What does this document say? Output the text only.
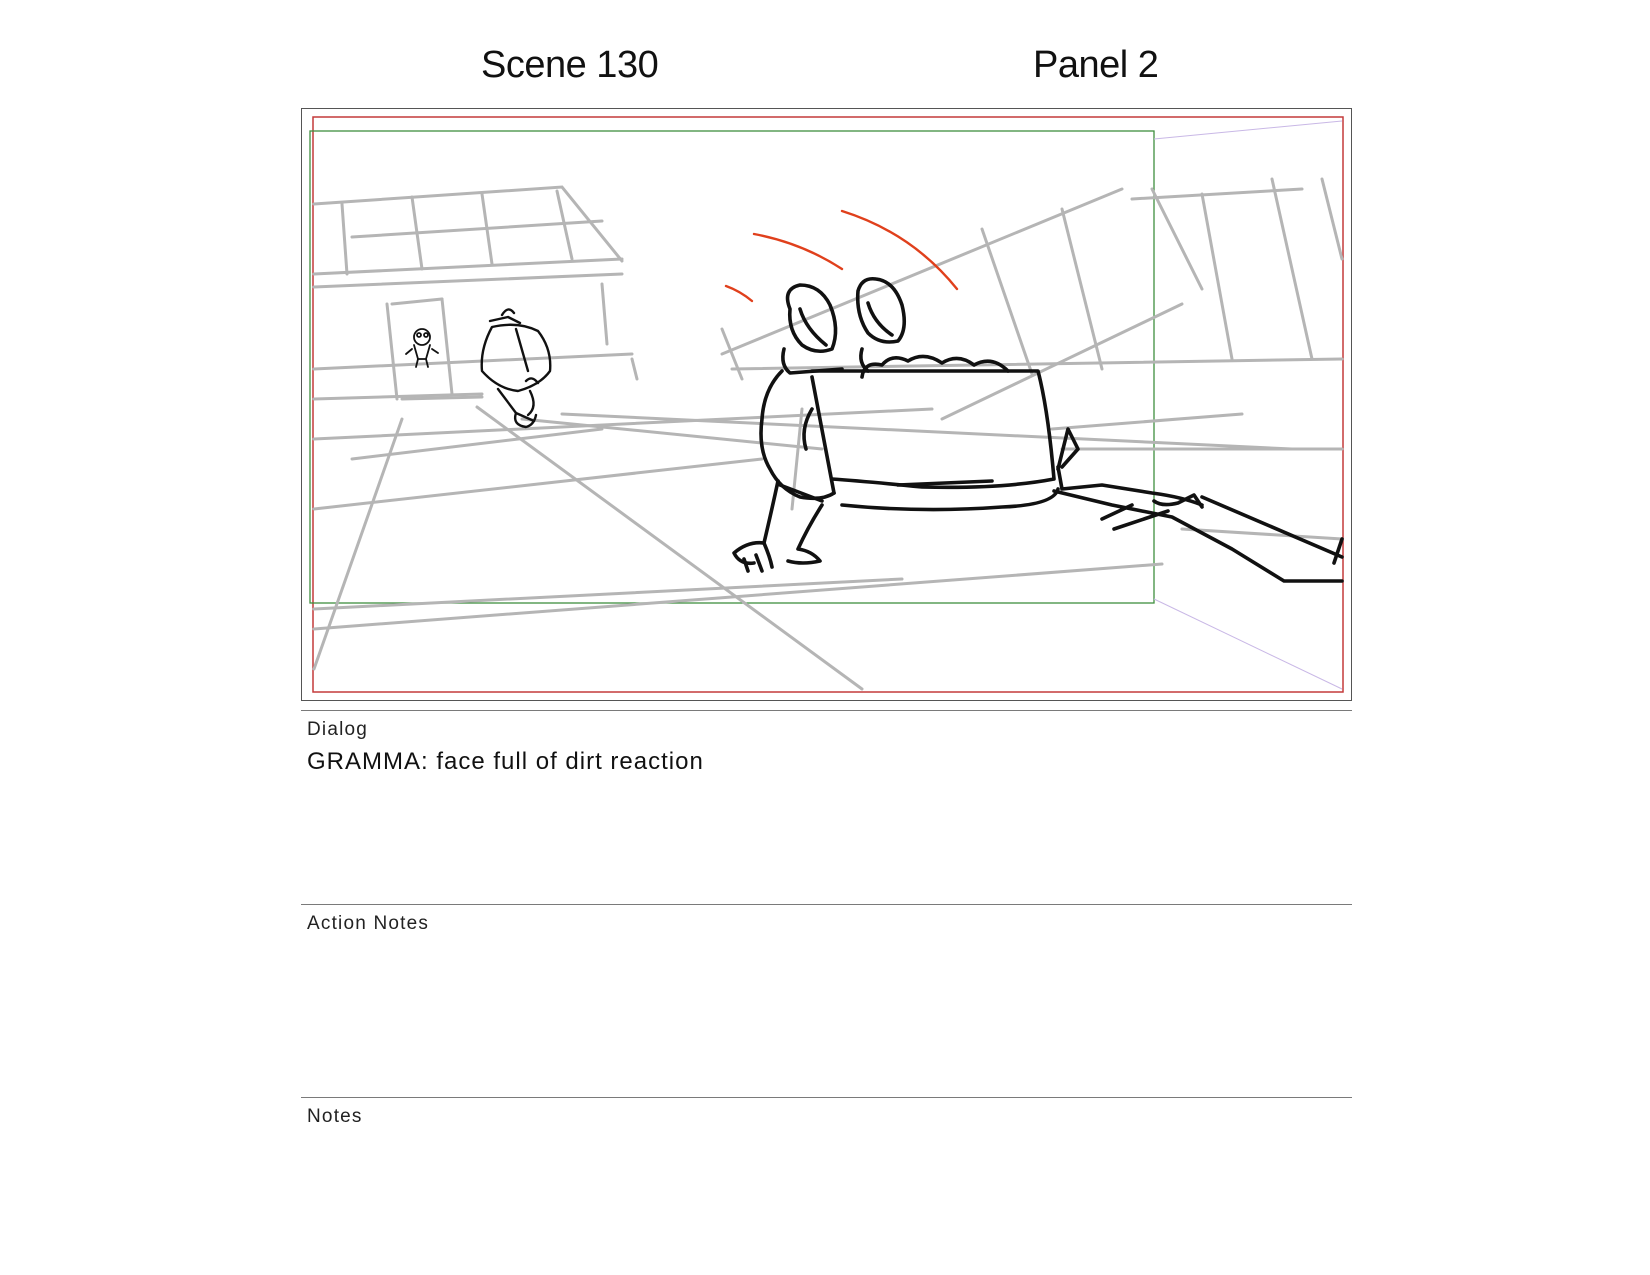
Scene 130	Panel 2
Dialog
GRAMMA: face full of dirt reaction
Action Notes
Notes
